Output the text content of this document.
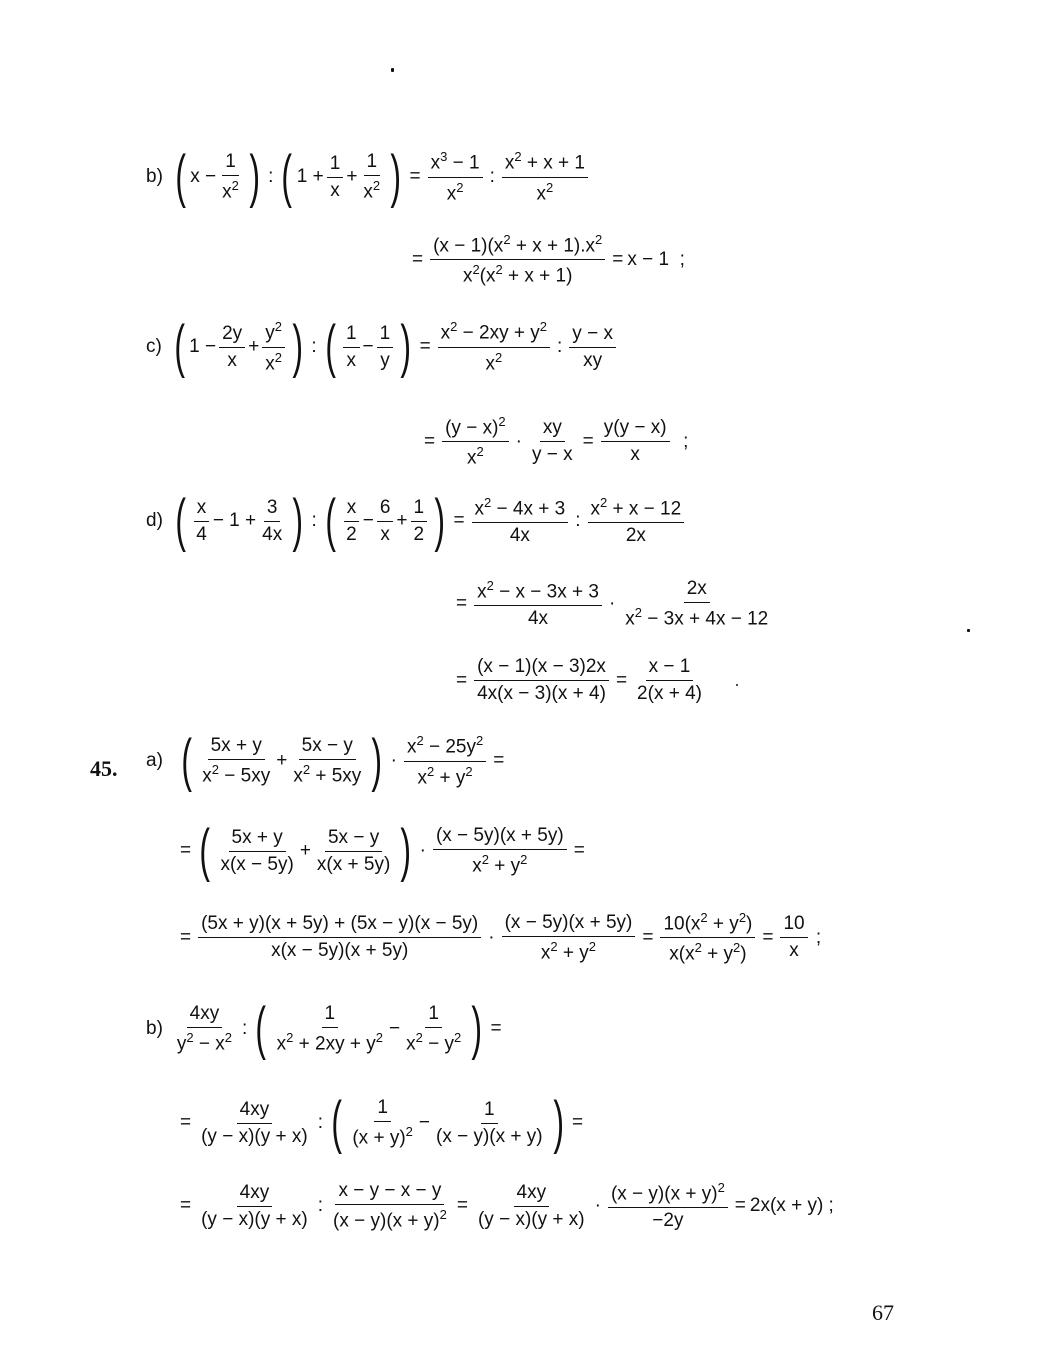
b) ( $x - \frac{1}{x^2}$ ) : ( $1 + \frac{1}{x} + \frac{1}{x^2}$ ) = $\frac{x^3 - 1}{x^2}$ : $\frac{x^2 + x + 1}{x^2}$
= $\frac{(x - 1)(x^2 + x + 1).x^2}{x^2(x^2 + x + 1)} = x - 1$  ;
c) ( $1 - \frac{2y}{x} + \frac{y^2}{x^2}$ ) : ( $\frac{1}{x} - \frac{1}{y}$ ) = $\frac{x^2 - 2xy + y^2}{x^2}$ : $\frac{y - x}{xy}$
= $\frac{(y - x)^2}{x^2} \cdot \frac{xy}{y - x} = \frac{y(y - x)}{x}$ ;
d) ( $\frac{x}{4} - 1 + \frac{3}{4x}$ ) : ( $\frac{x}{2} - \frac{6}{x} + \frac{1}{2}$ ) = $\frac{x^2 - 4x + 3}{4x}$ : $\frac{x^2 + x - 12}{2x}$
= $\frac{x^2 - x - 3x + 3}{4x} \cdot \frac{2x}{x^2 - 3x + 4x - 12}$
= $\frac{(x - 1)(x - 3)2x}{4x(x - 3)(x + 4)} = \frac{x - 1}{2(x + 4)}$
45. a) ( $\frac{5x + y}{x^2 - 5xy} + \frac{5x - y}{x^2 + 5xy}$ ) · $\frac{x^2 - 25y^2}{x^2 + y^2}$ =
= ( $\frac{5x + y}{x(x - 5y)} + \frac{5x - y}{x(x + 5y)}$ ) · $\frac{(x - 5y)(x + 5y)}{x^2 + y^2}$ =
= $\frac{(5x + y)(x + 5y) + (5x - y)(x - 5y)}{x(x - 5y)(x + 5y)} \cdot \frac{(x - 5y)(x + 5y)}{x^2 + y^2} = \frac{10(x^2 + y^2)}{x(x^2 + y^2)} = \frac{10}{x}$ ;
$b) \frac{4xy}{y^2 - x^2}$ : ( $\frac{1}{x^2 + 2xy + y^2} - \frac{1}{x^2 - y^2}$ ) =
= $\frac{4xy}{(y - x)(y + x)}$ : ( $\frac{1}{(x + y)^2} - \frac{1}{(x - y)(x + y)}$ ) =
= $\frac{4xy}{(y - x)(y + x)}$ : $\frac{x - y - x - y}{(x - y)(x + y)^2} = \frac{4xy}{(y - x)(y + x)} \cdot \frac{(x - y)(x + y)^2}{-2y} = 2x(x + y)$ ;
67
